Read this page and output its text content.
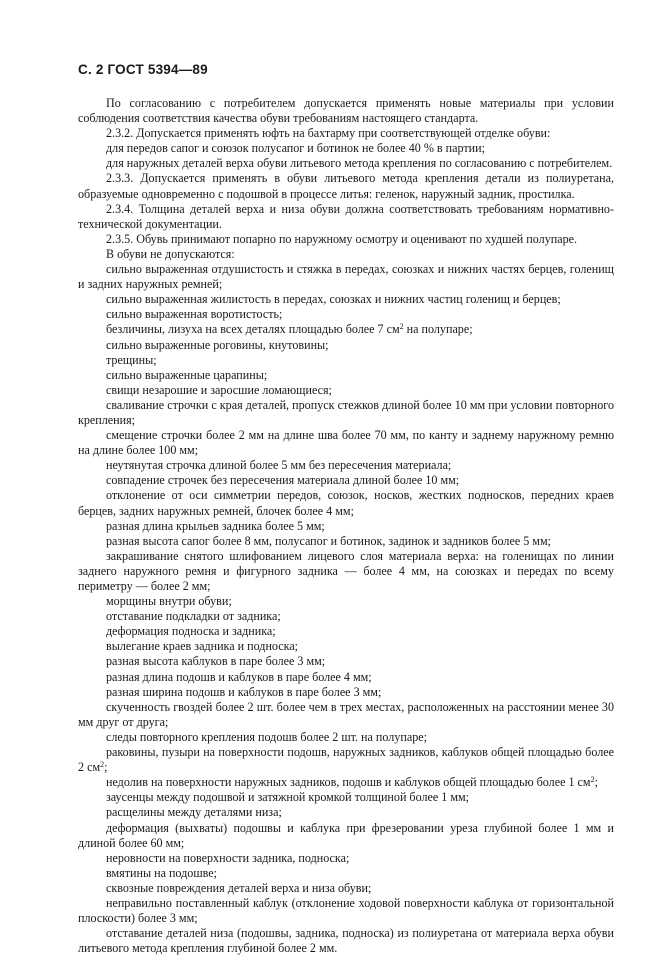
С. 2 ГОСТ 5394—89

По согласованию с потребителем допускается применять новые материалы при условии соблюдения соответствия качества обуви требованиям настоящего стандарта.

2.3.2. Допускается применять юфть на бахтарму при соответствующей отделке обуви:

для передов сапог и союзок полусапог и ботинок не более 40 % в партии;

для наружных деталей верха обуви литьевого метода крепления по согласованию с потребителем.

2.3.3. Допускается применять в обуви литьевого метода крепления детали из полиуретана, образуемые одновременно с подошвой в процессе литья: геленок, наружный задник, простилка.

2.3.4. Толщина деталей верха и низа обуви должна соответствовать требованиям нормативно-технической документации.

2.3.5. Обувь принимают попарно по наружному осмотру и оценивают по худшей полупаре.

В обуви не допускаются:

сильно выраженная отдушистость и стяжка в передах, союзках и нижних частях берцев, голенищ и задних наружных ремней;

сильно выраженная жилистость в передах, союзках и нижних частиц голенищ и берцев;

сильно выраженная воротистость;

безличины, лизуха на всех деталях площадью более 7 $см^2$ на полупаре;

сильно выраженные роговины, кнутовины;

трещины;

сильно выраженные царапины;

свищи незарошие и заросшие ломающиеся;

сваливание строчки с края деталей, пропуск стежков длиной более 10 мм при условии повторного крепления;

смещение строчки более 2 мм на длине шва более 70 мм, по канту и заднему наружному ремню на длине более 100 мм;

неутянутая строчка длиной более 5 мм без пересечения материала;

совпадение строчек без пересечения материала длиной более 10 мм;

отклонение от оси симметрии передов, союзок, носков, жестких подносков, передних краев берцев, задних наружных ремней, блочек более 4 мм;

разная длина крыльев задника более 5 мм;

разная высота сапог более 8 мм, полусапог и ботинок, задинок и задников более 5 мм;

закрашивание снятого шлифованием лицевого слоя материала верха: на голенищах по линии заднего наружного ремня и фигурного задника — более 4 мм, на союзках и передах по всему периметру — более 2 мм;

морщины внутри обуви;

отставание подкладки от задника;

деформация подноска и задника;

вылегание краев задника и подноска;

разная высота каблуков в паре более 3 мм;

разная длина подошв и каблуков в паре более 4 мм;

разная ширина подошв и каблуков в паре более 3 мм;

скученность гвоздей более 2 шт. более чем в трех местах, расположенных на расстоянии менее 30 мм друг от друга;

следы повторного крепления подошв более 2 шт. на полупаре;

раковины, пузыри на поверхности подошв, наружных задников, каблуков общей площадью более 2 $см^2$;

недолив на поверхности наружных задников, подошв и каблуков общей площадью более 1 $см^2$;

заусенцы между подошвой и затяжной кромкой толщиной более 1 мм;

расщелины между деталями низа;

деформация (выхваты) подошвы и каблука при фрезеровании уреза глубиной более 1 мм и длиной более 60 мм;

неровности на поверхности задника, подноска;

вмятины на подошве;

сквозные повреждения деталей верха и низа обуви;

неправильно поставленный каблук (отклонение ходовой поверхности каблука от горизонтальной плоскости) более 3 мм;

отставание деталей низа (подошвы, задника, подноска) из полиуретана от материала верха обуви литьевого метода крепления глубиной более 2 мм.
